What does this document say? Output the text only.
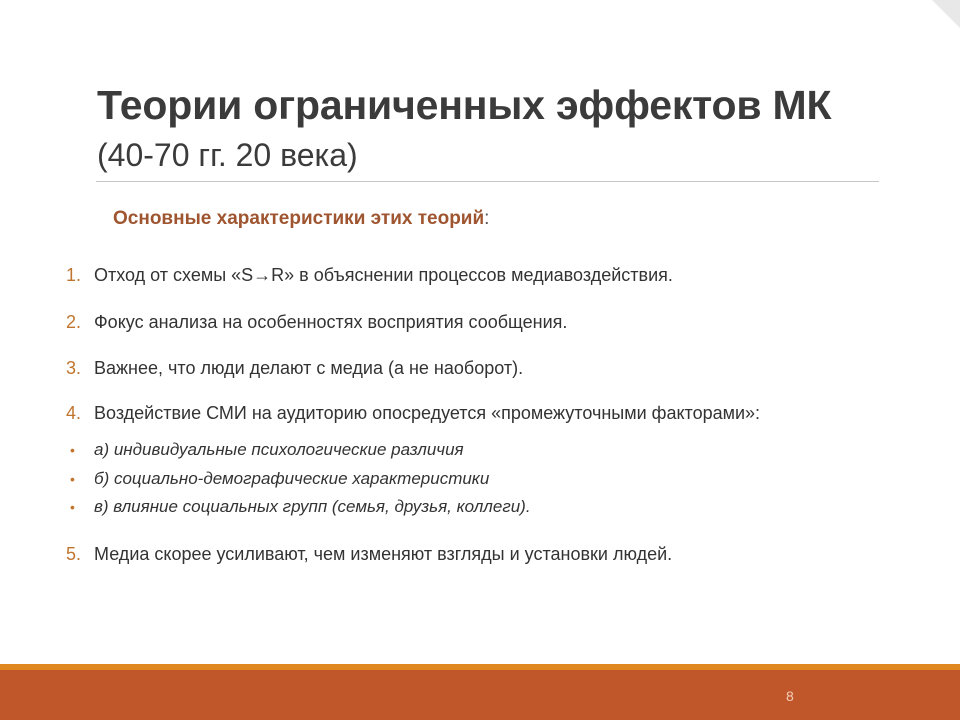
Теории ограниченных эффектов МК
(40-70 гг. 20 века)
Основные характеристики этих теорий:
1. Отход от схемы «S→R» в объяснении процессов медиавоздействия.
2. Фокус анализа на особенностях восприятия сообщения.
3. Важнее, что люди делают с медиа (а не наоборот).
4. Воздействие СМИ на аудиторию опосредуется «промежуточными факторами»:
• а) индивидуальные психологические различия
• б) социально-демографические характеристики
• в) влияние социальных групп (семья, друзья, коллеги).
5. Медиа скорее усиливают, чем изменяют взгляды и установки людей.
8
